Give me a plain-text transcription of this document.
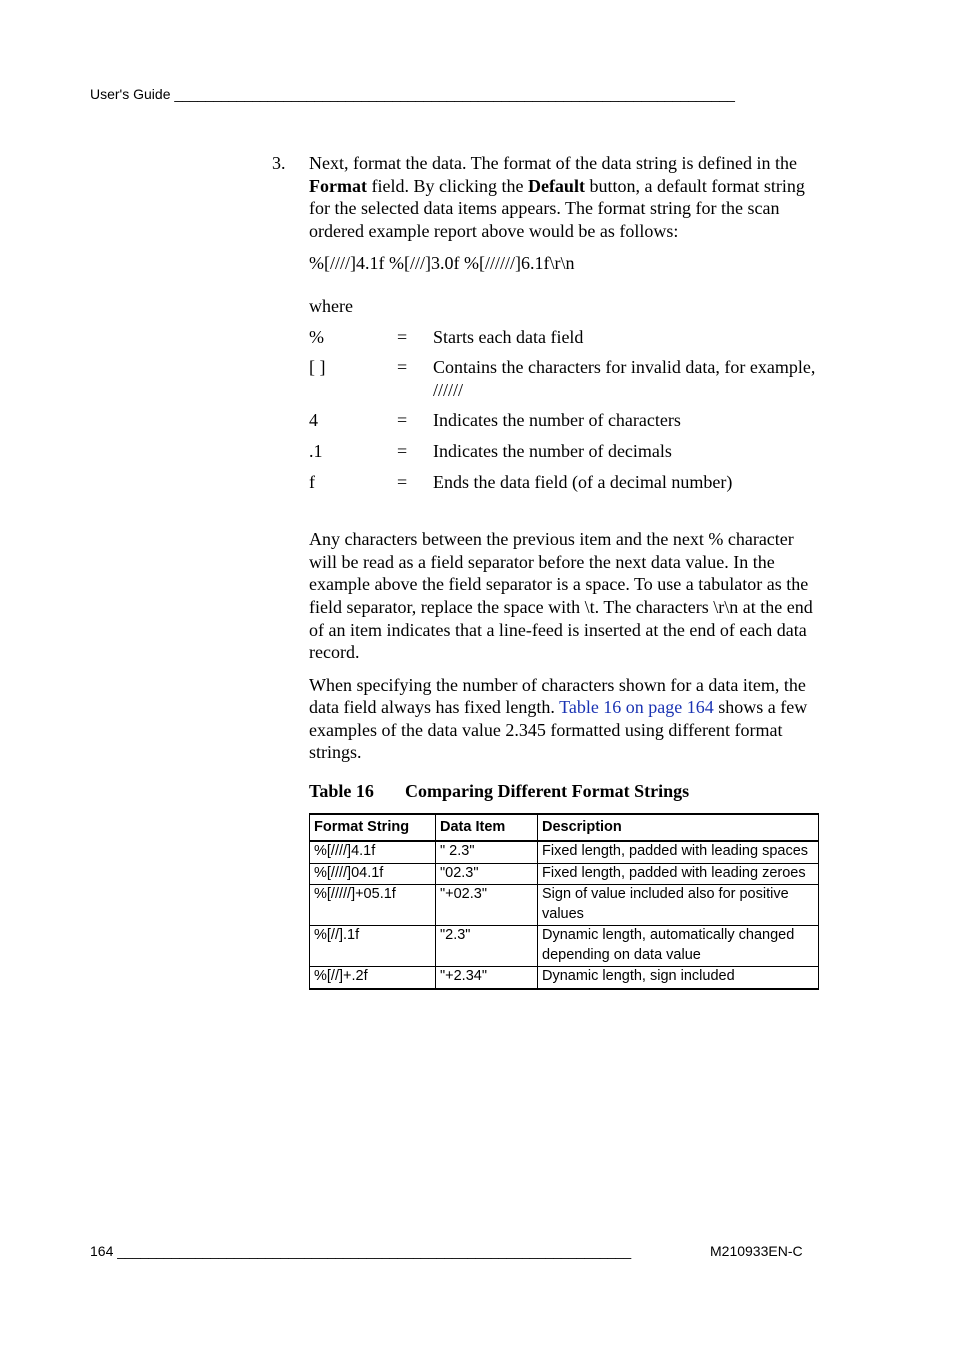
User's Guide ________________________________________________________________________
3. Next, format the data. The format of the data string is defined in the Format field. By clicking the Default button, a default format string for the selected data items appears. The format string for the scan ordered example report above would be as follows:

%[////]4.1f %[///]3.0f %[//////]6.1f\r\n

where

%	=	Starts each data field
[ ]	=	Contains the characters for invalid data, for example, //////
4	=	Indicates the number of characters
.1	=	Indicates the number of decimals
f	=	Ends the data field (of a decimal number)

Any characters between the previous item and the next % character will be read as a field separator before the next data value. In the example above the field separator is a space. To use a tabulator as the field separator, replace the space with \t. The characters \r\n at the end of an item indicates that a line-feed is inserted at the end of each data record.

When specifying the number of characters shown for a data item, the data field always has fixed length. Table 16 on page 164 shows a few examples of the data value 2.345 formatted using different format strings.

Table 16 Comparing Different Format Strings
Format String	Data Item	Description
%[////]4.1f	" 2.3"	Fixed length, padded with leading spaces
%[////]04.1f	"02.3"	Fixed length, padded with leading zeroes
%[/////]+05.1f	"+02.3"	Sign of value included also for positive values
%[//].1f	"2.3"	Dynamic length, automatically changed depending on data value
%[//]+.2f	"+2.34"	Dynamic length, sign included
164 __________________________________________________________________	M210933EN-C
